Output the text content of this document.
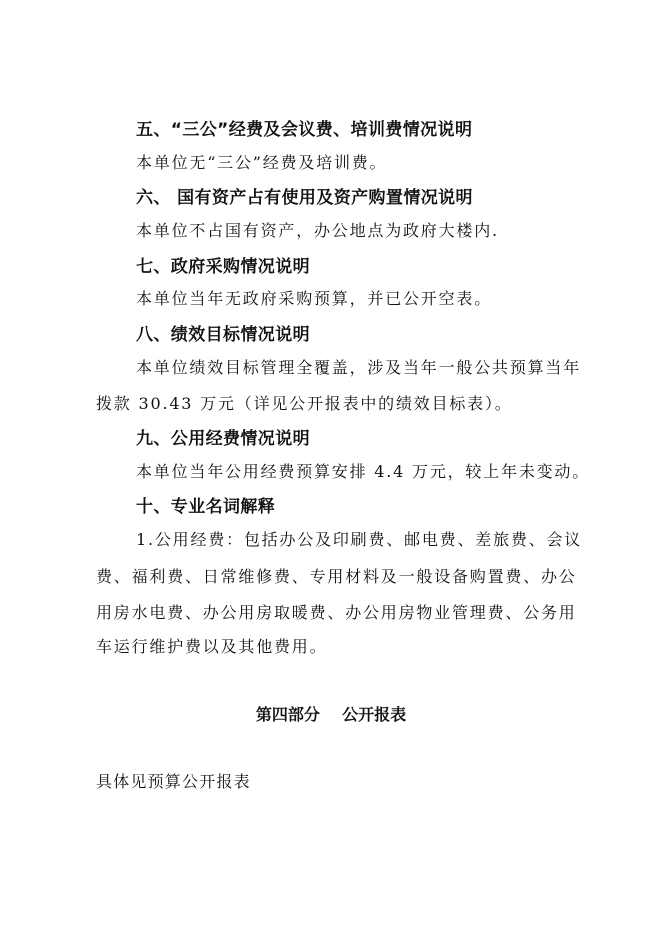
五、“三公”经费及会议费、培训费情况说明
本单位无“三公”经费及培训费。
六、 国有资产占有使用及资产购置情况说明
本单位不占国有资产，办公地点为政府大楼内.
七、政府采购情况说明
本单位当年无政府采购预算，并已公开空表。
八、绩效目标情况说明
本单位绩效目标管理全覆盖，涉及当年一般公共预算当年
拨款 30.43 万元（详见公开报表中的绩效目标表）。
九、公用经费情况说明
本单位当年公用经费预算安排 4.4 万元，较上年未变动。
十、专业名词解释
1.公用经费：包括办公及印刷费、邮电费、差旅费、会议
费、福利费、日常维修费、专用材料及一般设备购置费、办公
用房水电费、办公用房取暖费、办公用房物业管理费、公务用
车运行维护费以及其他费用。
第四部分    公开报表
具体见预算公开报表
